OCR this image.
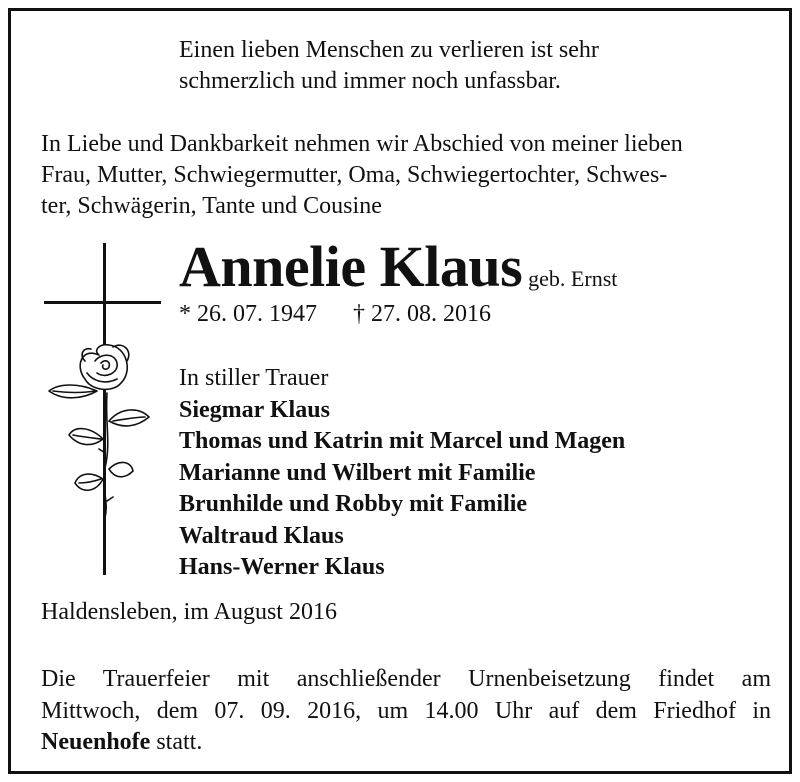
Einen lieben Menschen zu verlieren ist sehr
schmerzlich und immer noch unfassbar.
In Liebe und Dankbarkeit nehmen wir Abschied von meiner lieben
Frau, Mutter, Schwiegermutter, Oma, Schwiegertochter, Schwes-
ter, Schwägerin, Tante und Cousine
Annelie Klaus geb. Ernst
* 26. 07. 1947 † 27. 08. 2016
In stiller Trauer
Siegmar Klaus
Thomas und Katrin mit Marcel und Magen
Marianne und Wilbert mit Familie
Brunhilde und Robby mit Familie
Waltraud Klaus
Hans-Werner Klaus
Haldensleben, im August 2016
Die Trauerfeier mit anschließender Urnenbeisetzung findet am
Mittwoch, dem 07. 09. 2016, um 14.00 Uhr auf dem Friedhof in
Neuenhofe statt.
